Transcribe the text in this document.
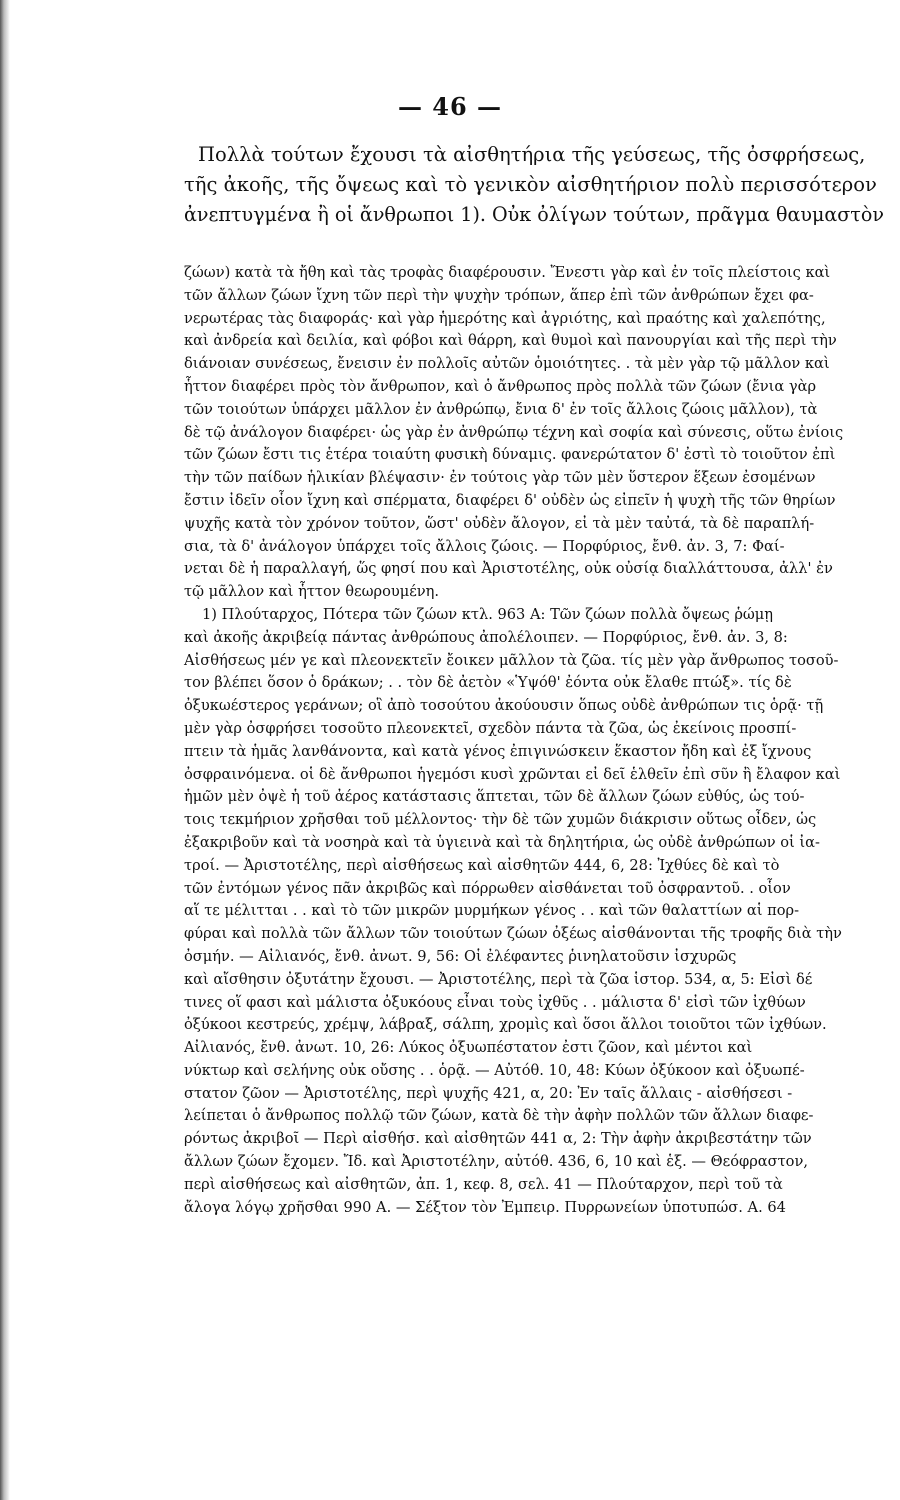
— 46 —
Πολλὰ τούτων ἔχουσι τὰ αἰσθητήρια τῆς γεύσεως, τῆς ὀσφρήσεως,
τῆς ἀκοῆς, τῆς ὄψεως καὶ τὸ γενικὸν αἰσθητήριον πολὺ περισσότερον
ἀνεπτυγμένα ἢ οἱ ἄνθρωποι 1). Οὐκ ὀλίγων τούτων, πρᾶγμα θαυμαστὸν
ζώων) κατὰ τὰ ἤθη καὶ τὰς τροφὰς διαφέρουσιν. Ἔνεστι γὰρ καὶ ἐν τοῖς πλείστοις καὶ
τῶν ἄλλων ζώων ἴχνη τῶν περὶ τὴν ψυχὴν τρόπων, ἅπερ ἐπὶ τῶν ἀνθρώπων ἔχει φα-
νερωτέρας τὰς διαφοράς· καὶ γὰρ ἡμερότης καὶ ἀγριότης, καὶ πραότης καὶ χαλεπότης,
καὶ ἀνδρεία καὶ δειλία, καὶ φόβοι καὶ θάρρη, καὶ θυμοὶ καὶ πανουργίαι καὶ τῆς περὶ τὴν
διάνοιαν συνέσεως, ἔνεισιν ἐν πολλοῖς αὐτῶν ὁμοιότητες. . τὰ μὲν γὰρ τῷ μᾶλλον καὶ
ἧττον διαφέρει πρὸς τὸν ἄνθρωπον, καὶ ὁ ἄνθρωπος πρὸς πολλὰ τῶν ζώων (ἔνια γὰρ
τῶν τοιούτων ὑπάρχει μᾶλλον ἐν ἀνθρώπῳ, ἔνια δ' ἐν τοῖς ἄλλοις ζώοις μᾶλλον), τὰ
δὲ τῷ ἀνάλογον διαφέρει· ὡς γὰρ ἐν ἀνθρώπῳ τέχνη καὶ σοφία καὶ σύνεσις, οὕτω ἐνίοις
τῶν ζώων ἔστι τις ἑτέρα τοιαύτη φυσικὴ δύναμις. φανερώτατον δ' ἐστὶ τὸ τοιοῦτον ἐπὶ
τὴν τῶν παίδων ἡλικίαν βλέψασιν· ἐν τούτοις γὰρ τῶν μὲν ὕστερον ἕξεων ἐσομένων
ἔστιν ἰδεῖν οἷον ἴχνη καὶ σπέρματα, διαφέρει δ' οὐδὲν ὡς εἰπεῖν ἡ ψυχὴ τῆς τῶν θηρίων
ψυχῆς κατὰ τὸν χρόνον τοῦτον, ὥστ' οὐδὲν ἄλογον, εἰ τὰ μὲν ταὐτά, τὰ δὲ παραπλή-
σια, τὰ δ' ἀνάλογον ὑπάρχει τοῖς ἄλλοις ζώοις. — Πορφύριος, ἔνθ. ἀν. 3, 7: Φαί-
νεται δὲ ἡ παραλλαγή, ὥς φησί που καὶ Ἀριστοτέλης, οὐκ οὐσίᾳ διαλλάττουσα, ἀλλ' ἐν
τῷ μᾶλλον καὶ ἧττον θεωρουμένη.
1) Πλούταρχος, Πότερα τῶν ζώων κτλ. 963 Α: Τῶν ζώων πολλὰ ὄψεως ῥώμῃ
καὶ ἀκοῆς ἀκριβείᾳ πάντας ἀνθρώπους ἀπολέλοιπεν. — Πορφύριος, ἔνθ. ἀν. 3, 8:
Αἰσθήσεως μέν γε καὶ πλεονεκτεῖν ἔοικεν μᾶλλον τὰ ζῶα. τίς μὲν γὰρ ἄνθρωπος τοσοῦ-
τον βλέπει ὅσον ὁ δράκων; . . τὸν δὲ ἀετὸν «Ὑψόθ' ἐόντα οὐκ ἔλαθε πτώξ». τίς δὲ
ὀξυκωέστερος γεράνων; οἳ ἀπὸ τοσούτου ἀκούουσιν ὅπως οὐδὲ ἀνθρώπων τις ὁρᾷ· τῇ
μὲν γὰρ ὀσφρήσει τοσοῦτο πλεονεκτεῖ, σχεδὸν πάντα τὰ ζῶα, ὡς ἐκείνοις προσπί-
πτειν τὰ ἡμᾶς λανθάνοντα, καὶ κατὰ γένος ἐπιγινώσκειν ἕκαστον ἤδη καὶ ἐξ ἴχνους
ὀσφραινόμενα. οἱ δὲ ἄνθρωποι ἡγεμόσι κυσὶ χρῶνται εἰ δεῖ ἑλθεῖν ἐπὶ σῦν ἢ ἔλαφον καὶ
ἡμῶν μὲν ὀψὲ ἡ τοῦ ἀέρος κατάστασις ἅπτεται, τῶν δὲ ἄλλων ζώων εὐθύς, ὡς τού-
τοις τεκμήριον χρῆσθαι τοῦ μέλλοντος· τὴν δὲ τῶν χυμῶν διάκρισιν οὕτως οἶδεν, ὡς
ἐξακριβοῦν καὶ τὰ νοσηρὰ καὶ τὰ ὑγιεινὰ καὶ τὰ δηλητήρια, ὡς οὐδὲ ἀνθρώπων οἱ ἰα-
τροί. — Ἀριστοτέλης, περὶ αἰσθήσεως καὶ αἰσθητῶν 444, 6, 28: Ἰχθύες δὲ καὶ τὸ
τῶν ἐντόμων γένος πᾶν ἀκριβῶς καὶ πόρρωθεν αἰσθάνεται τοῦ ὀσφραντοῦ. . οἷον
αἵ τε μέλιτται . . καὶ τὸ τῶν μικρῶν μυρμήκων γένος . . καὶ τῶν θαλαττίων αἱ πορ-
φύραι καὶ πολλὰ τῶν ἄλλων τῶν τοιούτων ζώων ὀξέως αἰσθάνονται τῆς τροφῆς διὰ τὴν
ὀσμήν. — Αἰλιανός, ἔνθ. ἀνωτ. 9, 56: Οἱ ἐλέφαντες ῥινηλατοῦσιν ἰσχυρῶς
καὶ αἴσθησιν ὀξυτάτην ἔχουσι. — Ἀριστοτέλης, περὶ τὰ ζῶα ἱστορ. 534, α, 5: Εἰσὶ δέ
τινες οἵ φασι καὶ μάλιστα ὀξυκόους εἶναι τοὺς ἰχθῦς . . μάλιστα δ' εἰσὶ τῶν ἰχθύων
ὀξύκοοι κεστρεύς, χρέμψ, λάβραξ, σάλπη, χρομὶς καὶ ὅσοι ἄλλοι τοιοῦτοι τῶν ἰχθύων.
Αἰλιανός, ἔνθ. ἀνωτ. 10, 26: Λύκος ὀξυωπέστατον ἐστι ζῶον, καὶ μέντοι καὶ
νύκτωρ καὶ σελήνης οὐκ οὔσης . . ὁρᾷ. — Αὐτόθ. 10, 48: Κύων ὀξύκοον καὶ ὀξυωπέ-
στατον ζῶον — Ἀριστοτέλης, περὶ ψυχῆς 421, α, 20: Ἐν ταῖς ἄλλαις - αἰσθήσεσι -
λείπεται ὁ ἄνθρωπος πολλῷ τῶν ζώων, κατὰ δὲ τὴν ἀφὴν πολλῶν τῶν ἄλλων διαφε-
ρόντως ἀκριβοῖ — Περὶ αἰσθήσ. καὶ αἰσθητῶν 441 α, 2: Τὴν ἀφὴν ἀκριβεστάτην τῶν
ἄλλων ζώων ἔχομεν. Ἴδ. καὶ Ἀριστοτέλην, αὐτόθ. 436, 6, 10 καὶ ἑξ. — Θεόφραστον,
περὶ αἰσθήσεως καὶ αἰσθητῶν, ἀπ. 1, κεφ. 8, σελ. 41 — Πλούταρχον, περὶ τοῦ τὰ
ἄλογα λόγῳ χρῆσθαι 990 Α. — Σέξτον τὸν Ἐμπειρ. Πυρρωνείων ὑποτυπώσ. Α. 64
